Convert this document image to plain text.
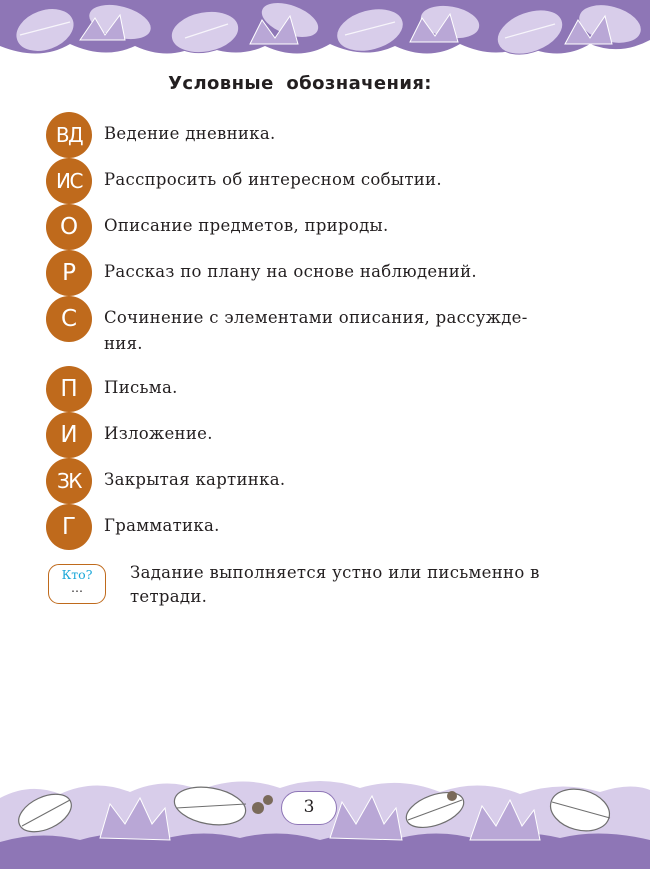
Условные обозначения:
ВД	Ведение дневника.
ИС	Расспросить об интересном событии.
О	Описание предметов, природы.
Р	Рассказ по плану на основе наблюдений.
С	Сочинение с элементами описания, рассужде-ния.
П	Письма.
И	Изложение.
ЗК	Закрытая картинка.
Г	Грамматика.
Кто?
…
Задание выполняется устно или письменно в тетради.
3
